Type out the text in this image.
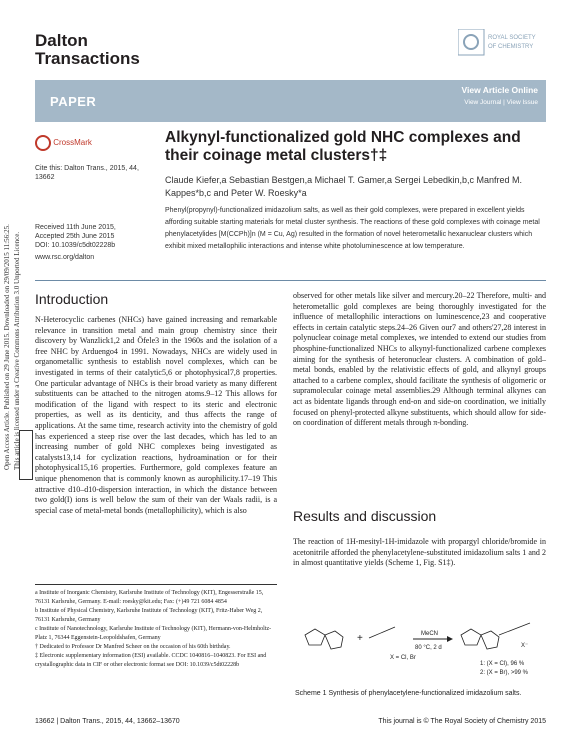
Dalton
Transactions
ROYAL SOCIETY
OF CHEMISTRY
PAPER
View Article Online
View Journal | View Issue
Open Access Article. Published on 29 June 2015. Downloaded on 29/09/2015 11:56:25. This article is licensed under a Creative Commons Attribution 3.0 Unported Licence.
CrossMark
Cite this: Dalton Trans., 2015, 44, 13662
Received 11th June 2015, Accepted 25th June 2015
DOI: 10.1039/c5dt02228b
www.rsc.org/dalton
Alkynyl-functionalized gold NHC complexes and their coinage metal clusters†‡
Claude Kiefer,a Sebastian Bestgen,a Michael T. Gamer,a Sergei Lebedkin,b,c Manfred M. Kappes*b,c and Peter W. Roesky*a
Phenyl(propynyl)-functionalized imidazolium salts, as well as their gold complexes, were prepared in excellent yields affording suitable starting materials for metal cluster synthesis. The reactions of these gold complexes with coinage metal phenylacetylides [M(CCPh)]n (M = Cu, Ag) resulted in the formation of novel heterometallic hexanuclear clusters which exhibit mixed metallophilic interactions and intense white photoluminescence at low temperature.
Introduction
N-Heterocyclic carbenes (NHCs) have gained increasing and remarkable relevance in transition metal and main group chemistry since their discovery by Wanzlick1,2 and Öfele3 in the 1960s and the isolation of a free NHC by Arduengo4 in 1991. Nowadays, NHCs are widely used in organometallic synthesis to establish novel complexes, which can be investigated in terms of their catalytic5,6 or photophysical7,8 properties. One particular advantage of NHCs is their broad variety as many different substituents can be attached to the nitrogen atoms.9–12 This allows for modification of the ligand with respect to its steric and electronic properties, as well as its denticity, and thus affects the range of applications. At the same time, research activity into the chemistry of gold has experienced a steep rise over the last decades, which has led to an increasing number of gold NHC complexes being investigated as catalysts13,14 for cyclization reactions, hydroamination or for their photophysical15,16 properties. Furthermore, gold complexes feature an unique phenomenon that is commonly known as aurophilicity.17–19 This attractive d10–d10-dispersion interaction, in which the distance between two gold(I) ions is well below the sum of their van der Waals radii, is a special case of metal-metal bonds (metallophilicity), which is also
a Institute of Inorganic Chemistry, Karlsruhe Institute of Technology (KIT), Engesserstraße 15, 76131 Karlsruhe, Germany. E-mail: roesky@kit.edu; Fax: (+)49 721 6084 4854
b Institute of Physical Chemistry, Karlsruhe Institute of Technology (KIT), Fritz-Haber Weg 2, 76131 Karlsruhe, Germany
c Institute of Nanotechnology, Karlsruhe Institute of Technology (KIT), Hermann-von-Helmholtz-Platz 1, 76344 Eggenstein-Leopoldshafen, Germany
† Dedicated to Professor Dr Manfred Scheer on the occasion of his 60th birthday.
‡ Electronic supplementary information (ESI) available. CCDC 1040816–1040823. For ESI and crystallographic data in CIF or other electronic format see DOI: 10.1039/c5dt02228b
observed for other metals like silver and mercury.20–22 Therefore, multi- and heterometallic gold complexes are being thoroughly investigated for the influence of metallophilic interactions on luminescence,23 and cooperative effects in certain catalytic steps.24–26 Given our7 and others'27,28 interest in polynuclear coinage metal complexes, we intended to extend our studies from phosphine-functionalized NHCs to alkynyl-functionalized carbene complexes aiming for the synthesis of heteronuclear clusters. A combination of gold–metal bonds, enabled by the relativistic effects of gold, and alkynyl groups attached to a carbene complex, should facilitate the synthesis of oligomeric or supramolecular coinage metal assemblies.29 Although terminal alkynes can act as bidentate ligands through end-on and side-on coordination, we initially focused on phenyl-protected alkyne substituents, which should allow for side-on coordination of different metals through π-bonding.
Results and discussion
The reaction of 1H-mesityl-1H-imidazole with propargyl chloride/bromide in acetonitrile afforded the phenylacetylene-substituted imidazolium salts 1 and 2 in almost quantitative yields (Scheme 1, Fig. S1‡).
+
X = Cl, Br
MeCN
80 °C, 2 d	X⁻
1: (X = Cl), 96 %
2: (X = Br), >99 %
Scheme 1 Synthesis of phenylacetylene-functionalized imidazolium salts.
13662 | Dalton Trans., 2015, 44, 13662–13670	This journal is © The Royal Society of Chemistry 2015
